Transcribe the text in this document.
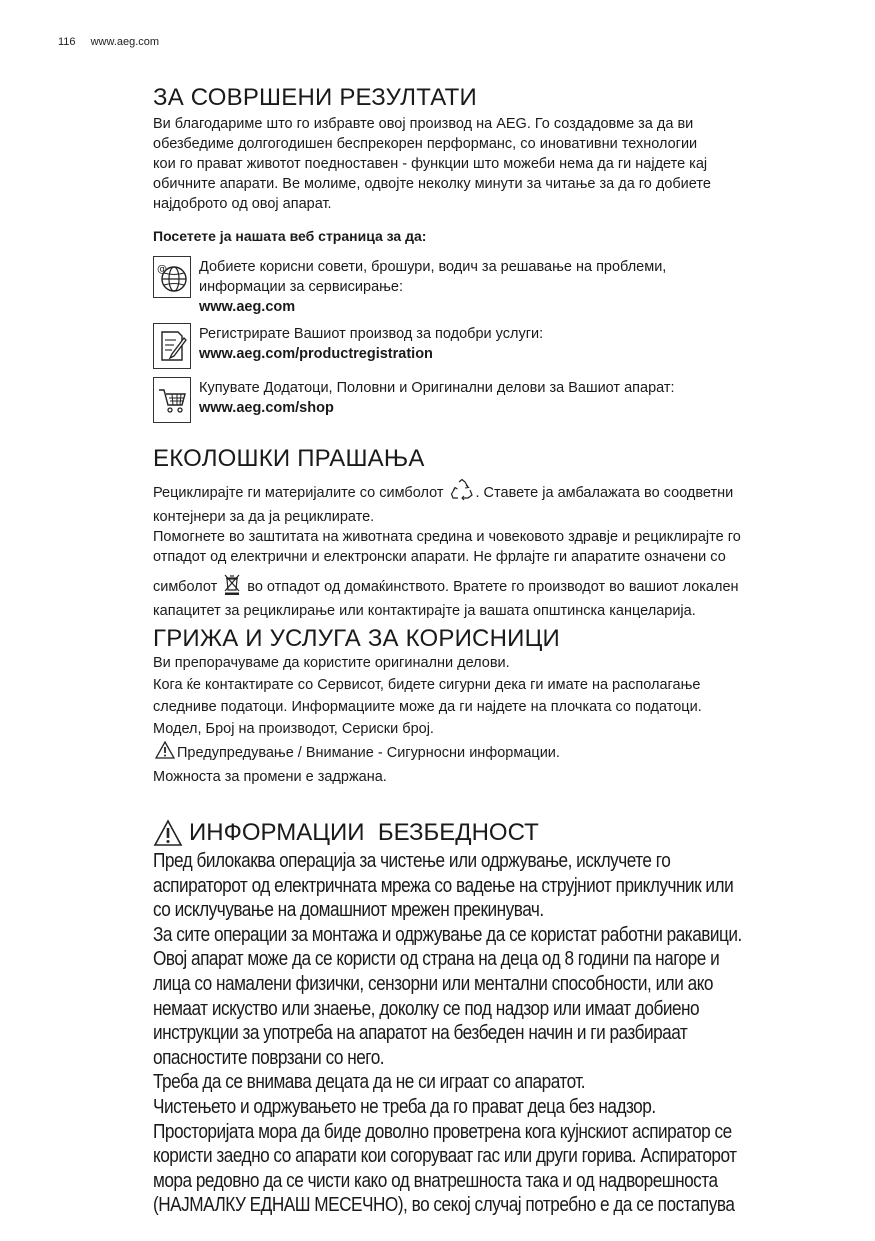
116 www.aeg.com
ЗА СОВРШЕНИ РЕЗУЛТАТИ

Ви благодариме што го избравте овој производ на AEG. Го создадовме за да ви

обезбедиме долгогодишен беспрекорен перформанс, со иновативни технологии

кои го прават животот поедноставен - функции што можеби нема да ги најдете кај

обичните апарати. Ве молиме, одвојте неколку минути за читање за да го добиете

најдоброто од овој апарат.

Посетете ја нашата веб страница за да:

@ Добиете корисни совети, брошури, водич за решавање на проблеми,
информации за сервисирање:
www.aeg.com
Регистрирате Вашиот производ за подобри услуги:
www.aeg.com/productregistration
Купувате Додатоци, Половни и Оригинални делови за Вашиот апарат:
www.aeg.com/shop
ЕКОЛОШКИ ПРАШАЊА

Рециклирајте ги материјалите со симболот . Ставете ја амбалажата во соодветни

контејнери за да ја рециклирате.

Помогнете во заштитата на животната средина и човековото здравје и рециклирајте го

отпадот од електрични и електронски апарати. Не фрлајте ги апаратите означени со

симболот во отпадот од домаќинството. Вратете го производот во вашиот локален

капацитет за рециклирање или контактирајте ја вашата општинска канцеларија.

ГРИЖА И УСЛУГА ЗА КОРИСНИЦИ

Ви препорачуваме да користите оригинални делови.

Кога ќе контактирате со Сервисот, бидете сигурни дека ги имате на располагање

следниве податоци. Информациите може да ги најдете на плочката со податоци.

Модел, Број на производот, Сериски број.

Предупредување / Внимание - Сигурносни информации.

Можноста за промени е задржана.

ИНФОРМАЦИИ  БЕЗБЕДНОСТ

Пред билокаква операција за чистење или одржување, исклучете го

аспираторот од електричната мрежа со вадење на струјниот приклучник или

со исклучување на домашниот мрежен прекинувач.

За сите операции за монтажа и одржување да се користат работни ракавици.

Овој апарат може да се користи од страна на деца од 8 години па нагоре и

лица со намалени физички, сензорни или ментални способности, или ако

немаат искуство или знаење, доколку се под надзор или имаат добиено

инструкции за употреба на апаратот на безбеден начин и ги разбираат

опасностите поврзани со него.

Треба да се внимава децата да не си играат со апаратот.

Чистењето и одржувањето не треба да го прават деца без надзор.

Просторијата мора да биде доволно проветрена кога кујнскиот аспиратор се

користи заедно со апарати кои согоруваат гас или други горива. Аспираторот

мора редовно да се чисти како од внатрешноста така и од надворешноста

(НАЈМАЛКУ ЕДНАШ МЕСЕЧНО), во секој случај потребно е да се постапува
